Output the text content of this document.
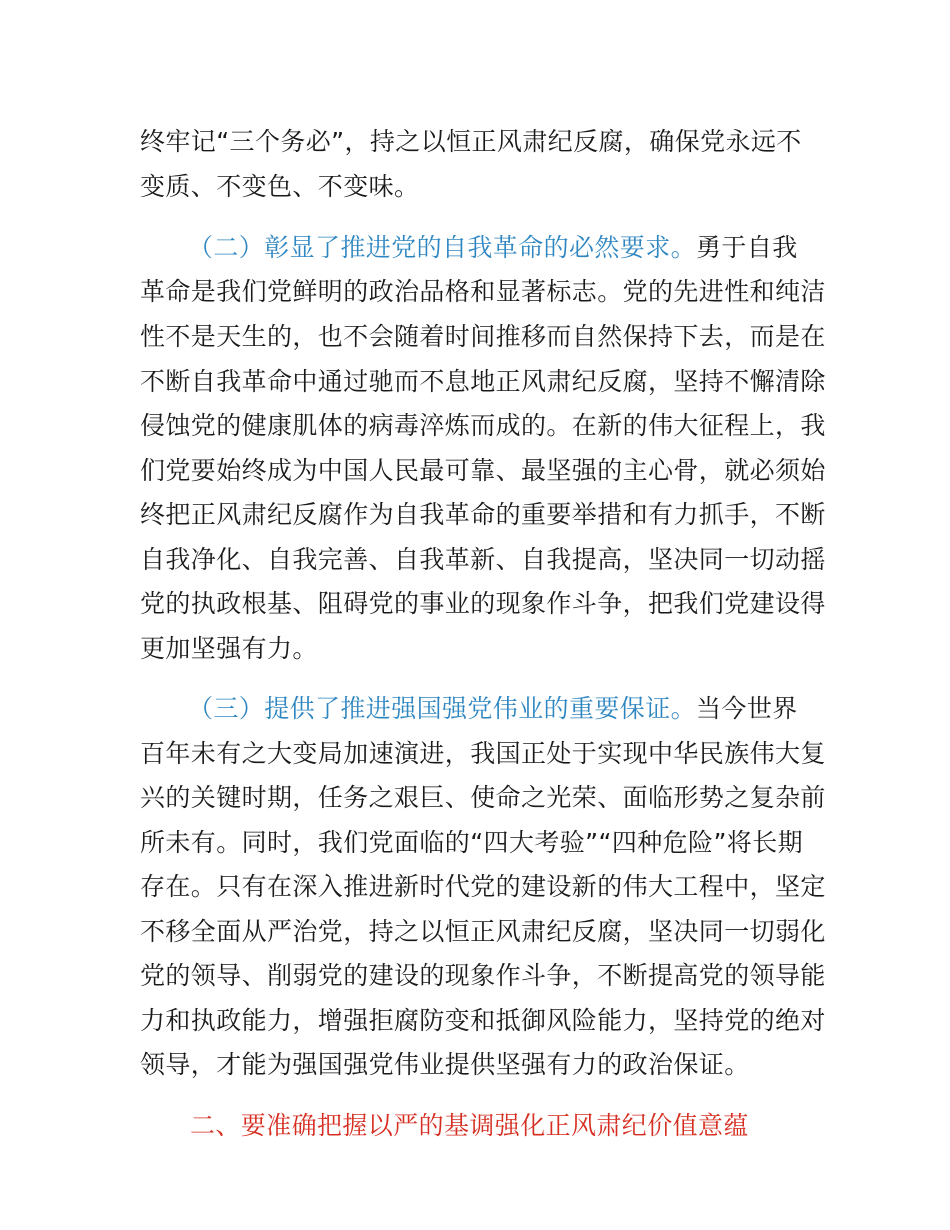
终牢记“三个务必”，持之以恒正风肃纪反腐，确保党永远不
变质、不变色、不变味。
（二）彰显了推进党的自我革命的必然要求。勇于自我
革命是我们党鲜明的政治品格和显著标志。党的先进性和纯洁
性不是天生的，也不会随着时间推移而自然保持下去，而是在
不断自我革命中通过驰而不息地正风肃纪反腐，坚持不懈清除
侵蚀党的健康肌体的病毒淬炼而成的。在新的伟大征程上，我
们党要始终成为中国人民最可靠、最坚强的主心骨，就必须始
终把正风肃纪反腐作为自我革命的重要举措和有力抓手，不断
自我净化、自我完善、自我革新、自我提高，坚决同一切动摇
党的执政根基、阻碍党的事业的现象作斗争，把我们党建设得
更加坚强有力。
（三）提供了推进强国强党伟业的重要保证。当今世界
百年未有之大变局加速演进，我国正处于实现中华民族伟大复
兴的关键时期，任务之艰巨、使命之光荣、面临形势之复杂前
所未有。同时，我们党面临的“四大考验”“四种危险”将长期
存在。只有在深入推进新时代党的建设新的伟大工程中，坚定
不移全面从严治党，持之以恒正风肃纪反腐，坚决同一切弱化
党的领导、削弱党的建设的现象作斗争，不断提高党的领导能
力和执政能力，增强拒腐防变和抵御风险能力，坚持党的绝对
领导，才能为强国强党伟业提供坚强有力的政治保证。
二、要准确把握以严的基调强化正风肃纪价值意蕴
